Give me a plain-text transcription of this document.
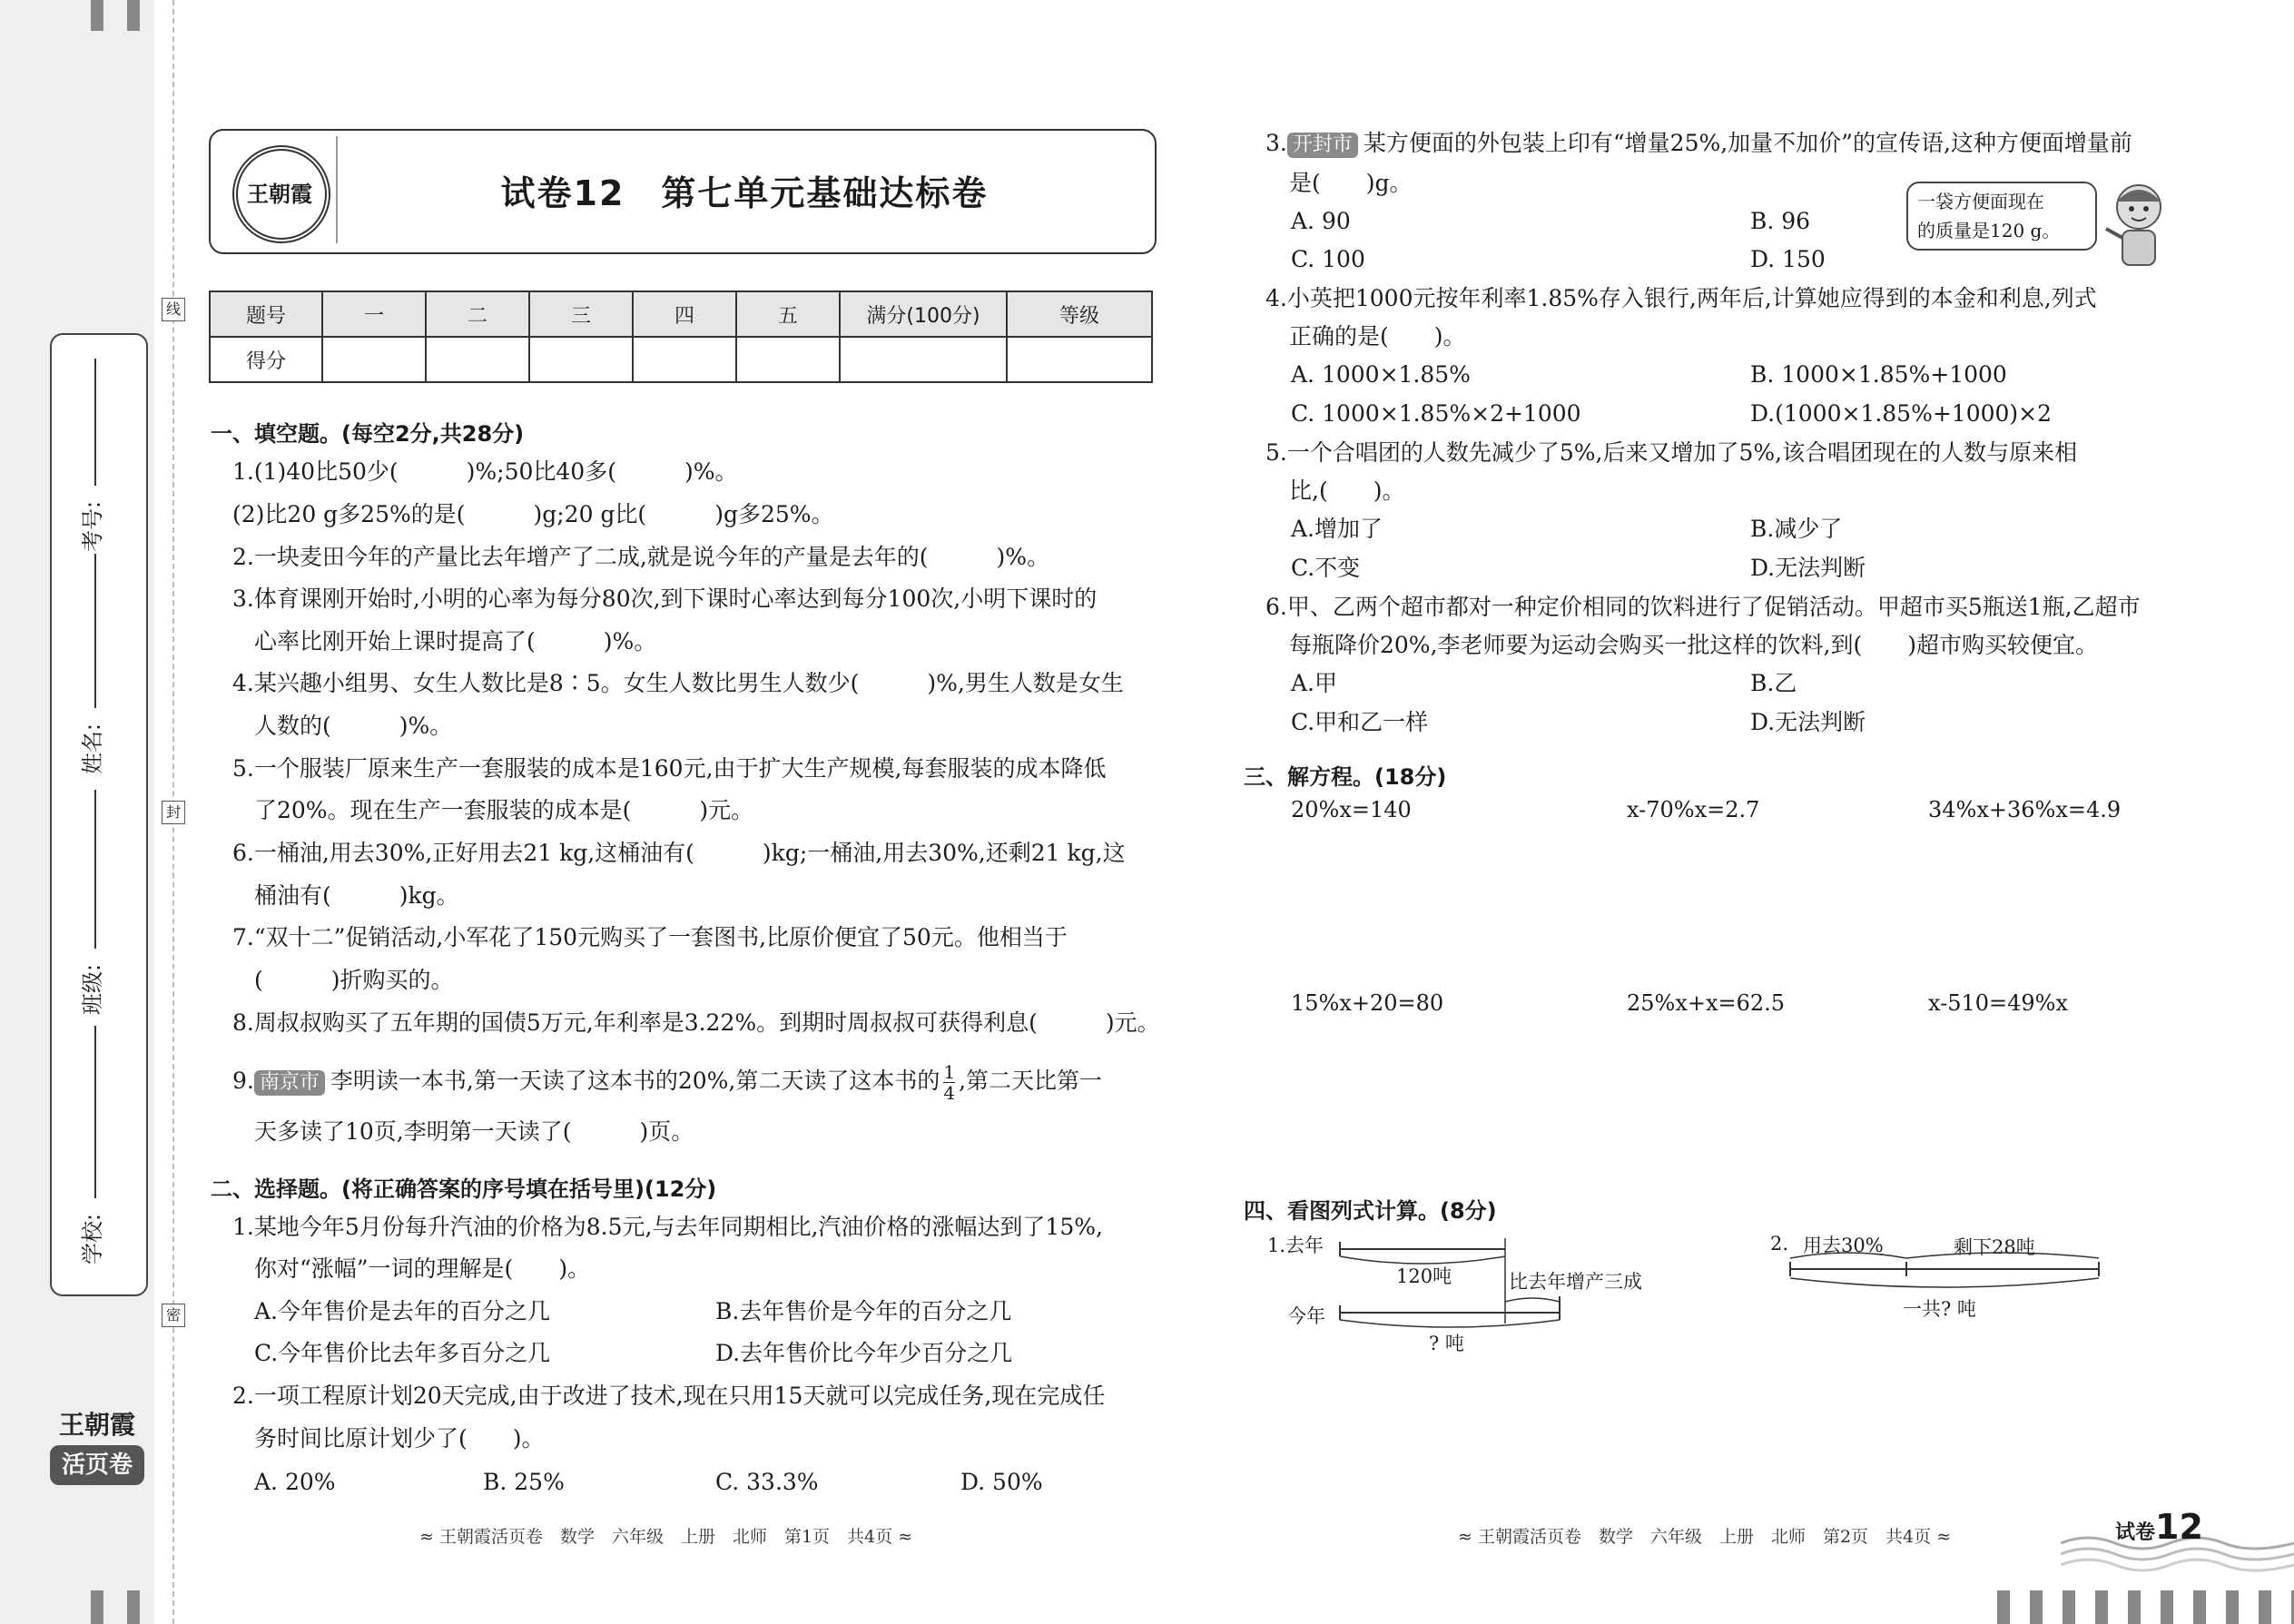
学校:
班级:
姓名:
考号:
线
封
密
王朝霞
活页卷
王朝霞	试卷12　第七单元基础达标卷
题号	一	二	三	四	五	满分(100分)	等级
得分							
一、填空题。(每空2分,共28分)
1.(1)40比50少(　　　)%;50比40多(　　　)%。
(2)比20 g多25%的是(　　　)g;20 g比(　　　)g多25%。
2.一块麦田今年的产量比去年增产了二成,就是说今年的产量是去年的(　　　)%。
3.体育课刚开始时,小明的心率为每分80次,到下课时心率达到每分100次,小明下课时的
心率比刚开始上课时提高了(　　　)%。
4.某兴趣小组男、女生人数比是8∶5。女生人数比男生人数少(　　　)%,男生人数是女生
人数的(　　　)%。
5.一个服装厂原来生产一套服装的成本是160元,由于扩大生产规模,每套服装的成本降低
了20%。现在生产一套服装的成本是(　　　)元。
6.一桶油,用去30%,正好用去21 kg,这桶油有(　　　)kg;一桶油,用去30%,还剩21 kg,这
桶油有(　　　)kg。
7.“双十二”促销活动,小军花了150元购买了一套图书,比原价便宜了50元。他相当于
(　　　)折购买的。
8.周叔叔购买了五年期的国债5万元,年利率是3.22%。到期时周叔叔可获得利息(　　　)元。
9. 南京市 李明读一本书,第一天读了这本书的20%,第二天读了这本书的 $\frac{1}{4}$ ,第二天比第一
天多读了10页,李明第一天读了(　　　)页。
二、选择题。(将正确答案的序号填在括号里)(12分)
1.某地今年5月份每升汽油的价格为8.5元,与去年同期相比,汽油价格的涨幅达到了15%,
你对“涨幅”一词的理解是(　　)。
A.今年售价是去年的百分之几	B.去年售价是今年的百分之几
C.今年售价比去年多百分之几	D.去年售价比今年少百分之几
2.一项工程原计划20天完成,由于改进了技术,现在只用15天就可以完成任务,现在完成任
务时间比原计划少了(　　)。
A. 20%	B. 25%	C. 33.3%	D. 50%
3. 开封市 某方便面的外包装上印有“增量25%,加量不加价”的宣传语,这种方便面增量前
是(　　)g。
一袋方便面现在
的质量是120 g。
A. 90	B. 96
C. 100	D. 150
4.小英把1000元按年利率1.85%存入银行,两年后,计算她应得到的本金和利息,列式
正确的是(　　)。
A. 1000×1.85%	B. 1000×1.85%+1000
C. 1000×1.85%×2+1000	D.(1000×1.85%+1000)×2
5.一个合唱团的人数先减少了5%,后来又增加了5%,该合唱团现在的人数与原来相
比,(　　)。
A.增加了	B.减少了
C.不变	D.无法判断
6.甲、乙两个超市都对一种定价相同的饮料进行了促销活动。甲超市买5瓶送1瓶,乙超市
每瓶降价20%,李老师要为运动会购买一批这样的饮料,到(　　)超市购买较便宜。
A.甲	B.乙
C.甲和乙一样	D.无法判断
三、解方程。(18分)
20%x=140	x-70%x=2.7	34%x+36%x=4.9
15%x+20=80	25%x+x=62.5	x-510=49%x
四、看图列式计算。(8分)
1.去年
今年
120吨	比去年增产三成
? 吨
2. 用去30%	剩下28吨
一共? 吨
≈ 王朝霞活页卷　数学　六年级　上册　北师　第1页　共4页 ≈	≈ 王朝霞活页卷　数学　六年级　上册　北师　第2页　共4页 ≈	试卷12
